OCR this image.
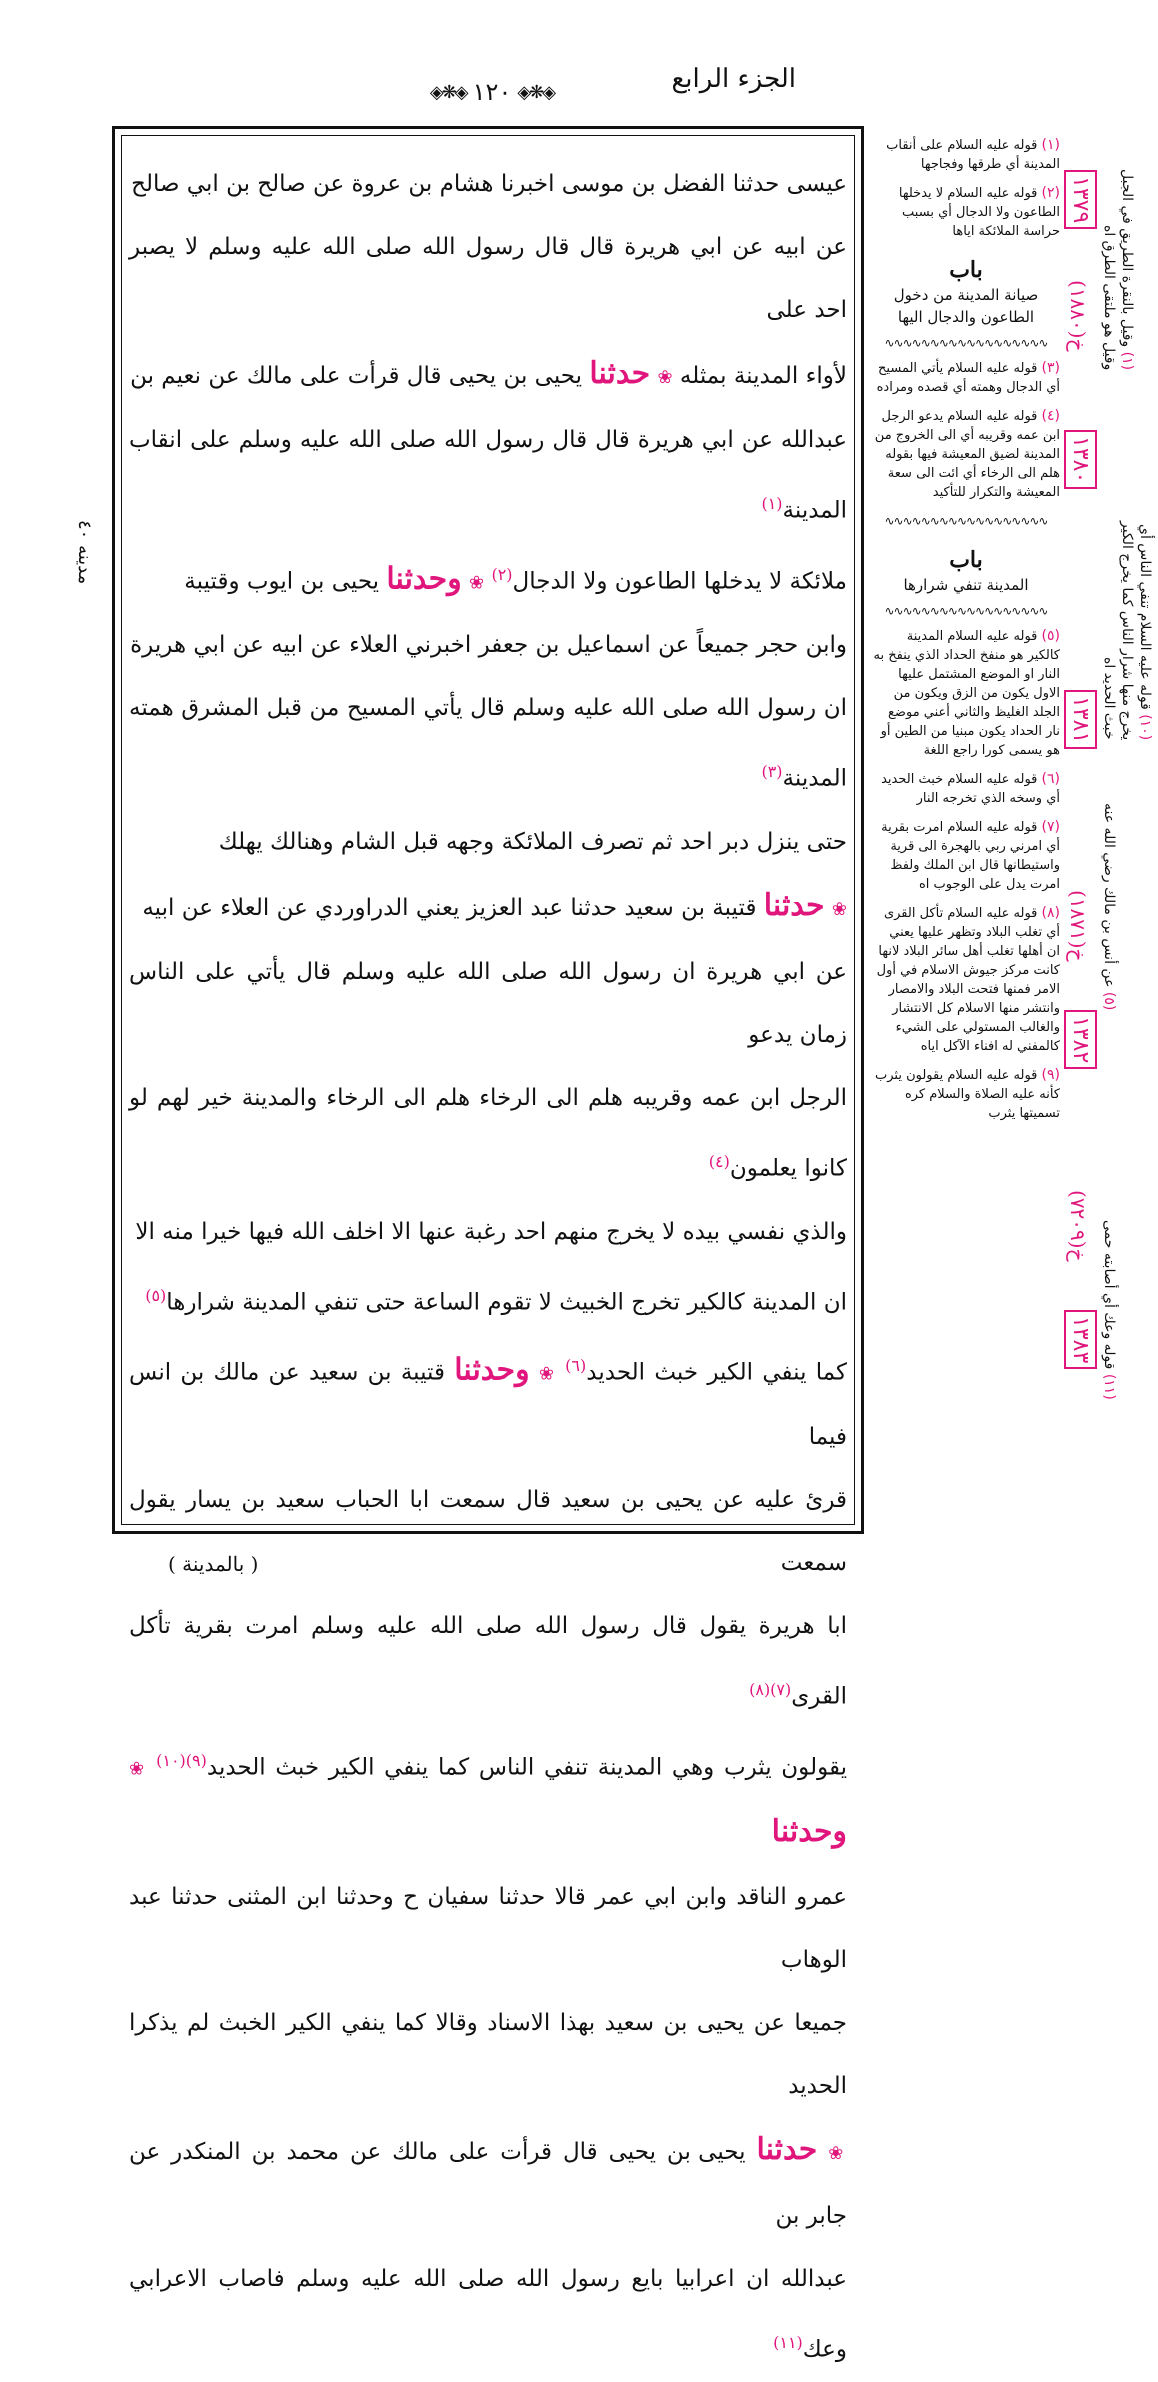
الجزء الرابع
◈❋◈ ١٢٠ ◈❋◈

عيسى حدثنا الفضل بن موسى اخبرنا هشام بن عروة عن صالح بن ابي صالح

عن ابيه عن ابي هريرة قال قال رسول الله صلى الله عليه وسلم لا يصبر احد على

لأواء المدينة بمثله ❀ حدثنا يحيى بن يحيى قال قرأت على مالك عن نعيم بن

عبدالله عن ابي هريرة قال قال رسول الله صلى الله عليه وسلم على انقاب المدينة$^{(١)}$

ملائكة لا يدخلها الطاعون ولا الدجال$^{(٢)}$ ❀ وحدثنا يحيى بن ايوب وقتيبة

وابن حجر جميعاً عن اسماعيل بن جعفر اخبرني العلاء عن ابيه عن ابي هريرة

ان رسول الله صلى الله عليه وسلم قال يأتي المسيح من قبل المشرق همته المدينة$^{(٣)}$

حتى ينزل دبر احد ثم تصرف الملائكة وجهه قبل الشام وهنالك يهلك

❀ حدثنا قتيبة بن سعيد حدثنا عبد العزيز يعني الدراوردي عن العلاء عن ابيه

عن ابي هريرة ان رسول الله صلى الله عليه وسلم قال يأتي على الناس زمان يدعو

الرجل ابن عمه وقريبه هلم الى الرخاء هلم الى الرخاء والمدينة خير لهم لو كانوا يعلمون$^{(٤)}$

والذي نفسي بيده لا يخرج منهم احد رغبة عنها الا اخلف الله فيها خيرا منه الا

ان المدينة كالكير تخرج الخبيث لا تقوم الساعة حتى تنفي المدينة شرارها$^{(٥)}$

كما ينفي الكير خبث الحديد$^{(٦)}$ ❀ وحدثنا قتيبة بن سعيد عن مالك بن انس فيما

قرئ عليه عن يحيى بن سعيد قال سمعت ابا الحباب سعيد بن يسار يقول سمعت

ابا هريرة يقول قال رسول الله صلى الله عليه وسلم امرت بقرية تأكل القرى$^{(٧)(٨)}$

يقولون يثرب وهي المدينة تنفي الناس كما ينفي الكير خبث الحديد$^{(٩)(١٠)}$ ❀ وحدثنا

عمرو الناقد وابن ابي عمر قالا حدثنا سفيان ح وحدثنا ابن المثنى حدثنا عبد الوهاب

جميعا عن يحيى بن سعيد بهذا الاسناد وقالا كما ينفي الكير الخبث لم يذكرا الحديد

❀ حدثنا يحيى بن يحيى قال قرأت على مالك عن محمد بن المنكدر عن جابر بن

عبدالله ان اعرابيا بايع رسول الله صلى الله عليه وسلم فاصاب الاعرابي وعك$^{(١١)}$

(١) قوله عليه السلام على أنقاب المدينة أي طرقها وفجاجها
(٢) قوله عليه السلام لا يدخلها الطاعون ولا الدجال أي بسبب حراسة الملائكة اياها
باب
صيانة المدينة من دخول الطاعون والدجال اليها
∿∿∿∿∿∿∿∿∿∿∿∿∿∿∿∿∿∿
(٣) قوله عليه السلام يأتي المسيح أي الدجال وهمته أي قصده ومراده
(٤) قوله عليه السلام يدعو الرجل ابن عمه وقريبه أي الى الخروج من المدينة لضيق المعيشة فيها بقوله هلم الى الرخاء أي ائت الى سعة المعيشة والتكرار للتأكيد
∿∿∿∿∿∿∿∿∿∿∿∿∿∿∿∿∿∿
باب
المدينة تنفي شرارها
∿∿∿∿∿∿∿∿∿∿∿∿∿∿∿∿∿∿
(٥) قوله عليه السلام المدينة كالكير هو منفخ الحداد الذي ينفخ به النار او الموضع المشتمل عليها الاول يكون من الزق ويكون من الجلد الغليظ والثاني أعني موضع نار الحداد يكون مبنيا من الطين أو هو يسمى كورا راجع اللغة
(٦) قوله عليه السلام خبث الحديد أي وسخه الذي تخرجه النار
(٧) قوله عليه السلام امرت بقرية أي امرني ربي بالهجرة الى قرية واستيطانها قال ابن الملك ولفظ امرت يدل على الوجوب اه
(٨) قوله عليه السلام تأكل القرى أي تغلب البلاد وتظهر عليها يعني ان أهلها تغلب أهل سائر البلاد لانها كانت مركز جيوش الاسلام في أول الامر فمنها فتحت البلاد والامصار وانتشر منها الاسلام كل الانتشار والغالب المستولي على الشيء كالمفني له افناء الآكل اياه
(٩) قوله عليه السلام يقولون يثرب كأنه عليه الصلاة والسلام كره تسميتها يثرب
١٣٧٩
خ(١٨٨٠)
١٣٨٠
١٣٨١
١٣٨٢
خ(١٨٧١)
١٣٨٣
خ(٧٢٠٩)
(١) وقيل بالنقرة الطريق في الجبل وقيل هو ملتقى الطرق اه
(١٠) قوله عليه السلام تنفي الناس أي يخرج منها شرار الناس كما يخرج الكير خبث الحديد اه
(٥) عن أنس بن مالك رضي الله عنه
(١١) قوله وعك أي أصابته حمى
مدينه ٤٠
( بالمدينة )
